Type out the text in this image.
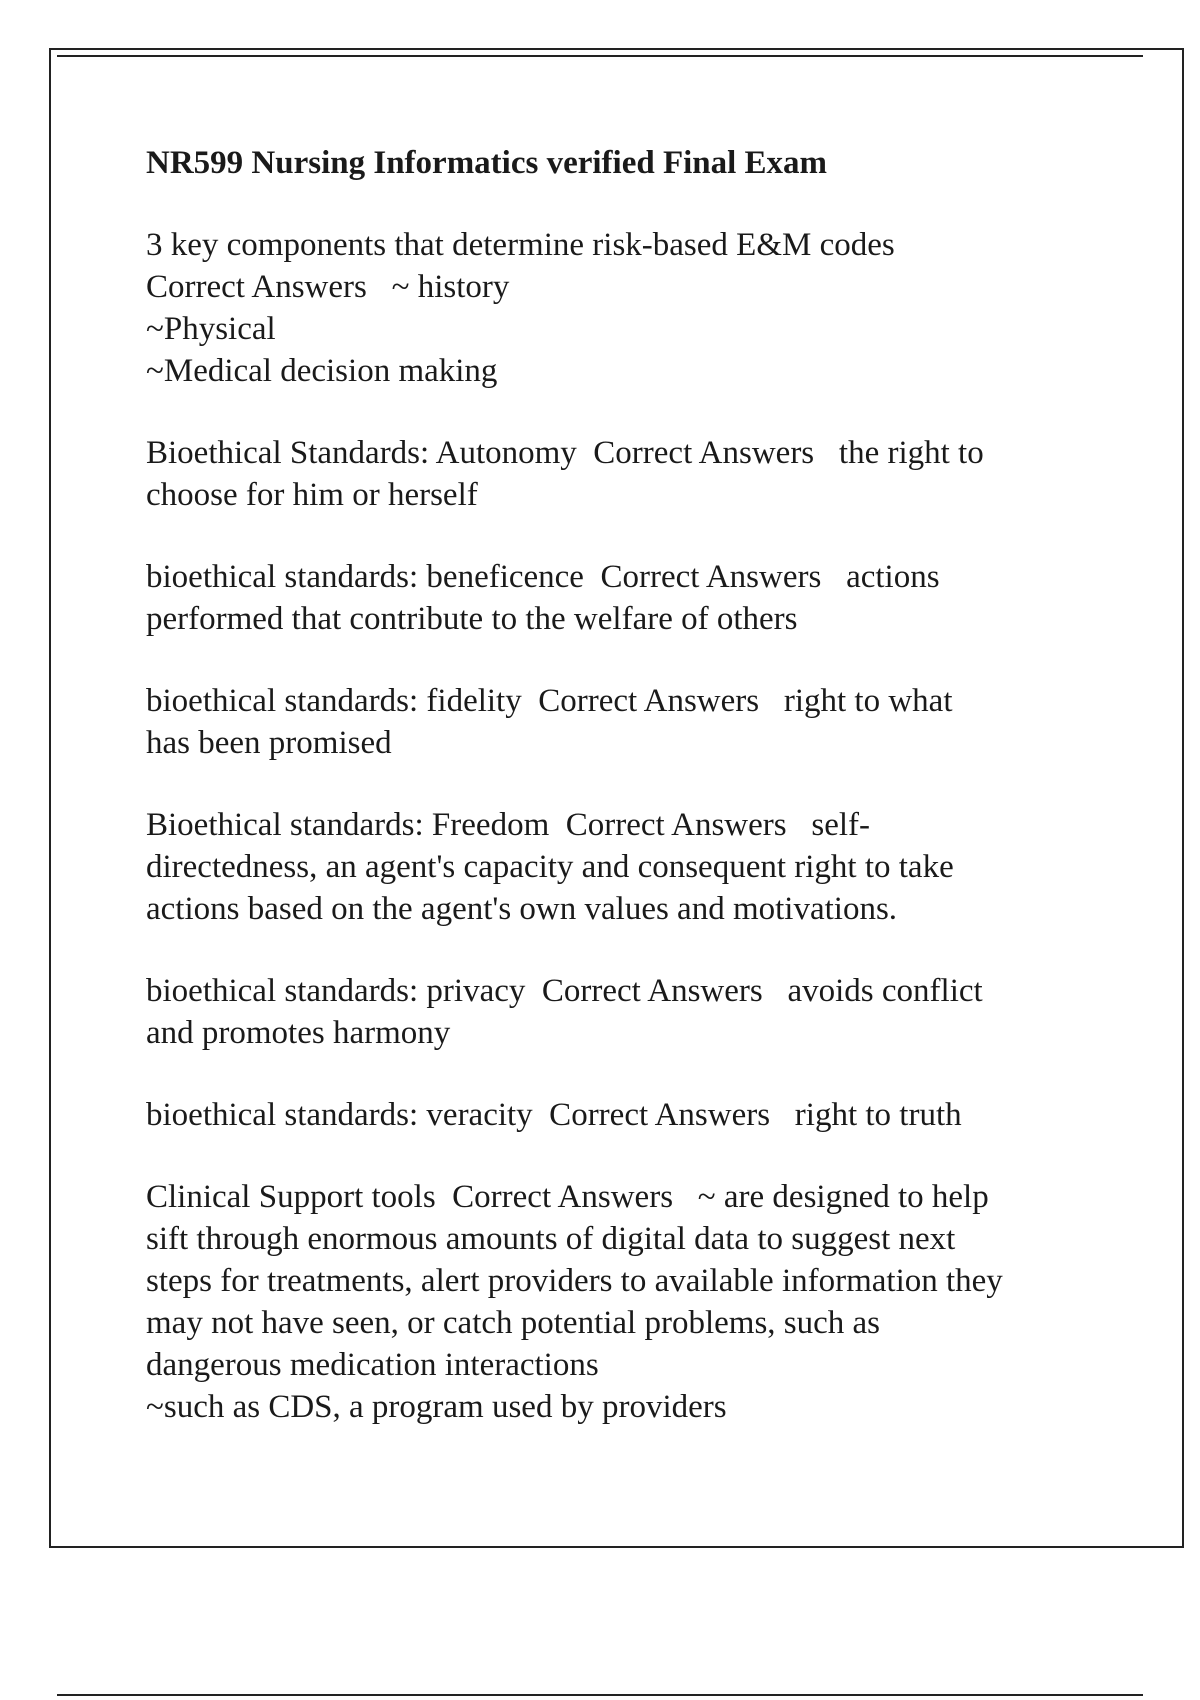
NR599 Nursing Informatics verified Final Exam
3 key components that determine risk-based E&M codes
Correct Answers   ~ history
~Physical
~Medical decision making
Bioethical Standards: Autonomy  Correct Answers   the right to
choose for him or herself
bioethical standards: beneficence  Correct Answers   actions
performed that contribute to the welfare of others
bioethical standards: fidelity  Correct Answers   right to what
has been promised
Bioethical standards: Freedom  Correct Answers   self-
directedness, an agent's capacity and consequent right to take
actions based on the agent's own values and motivations.
bioethical standards: privacy  Correct Answers   avoids conflict
and promotes harmony
bioethical standards: veracity  Correct Answers   right to truth
Clinical Support tools  Correct Answers   ~ are designed to help
sift through enormous amounts of digital data to suggest next
steps for treatments, alert providers to available information they
may not have seen, or catch potential problems, such as
dangerous medication interactions
~such as CDS, a program used by providers
